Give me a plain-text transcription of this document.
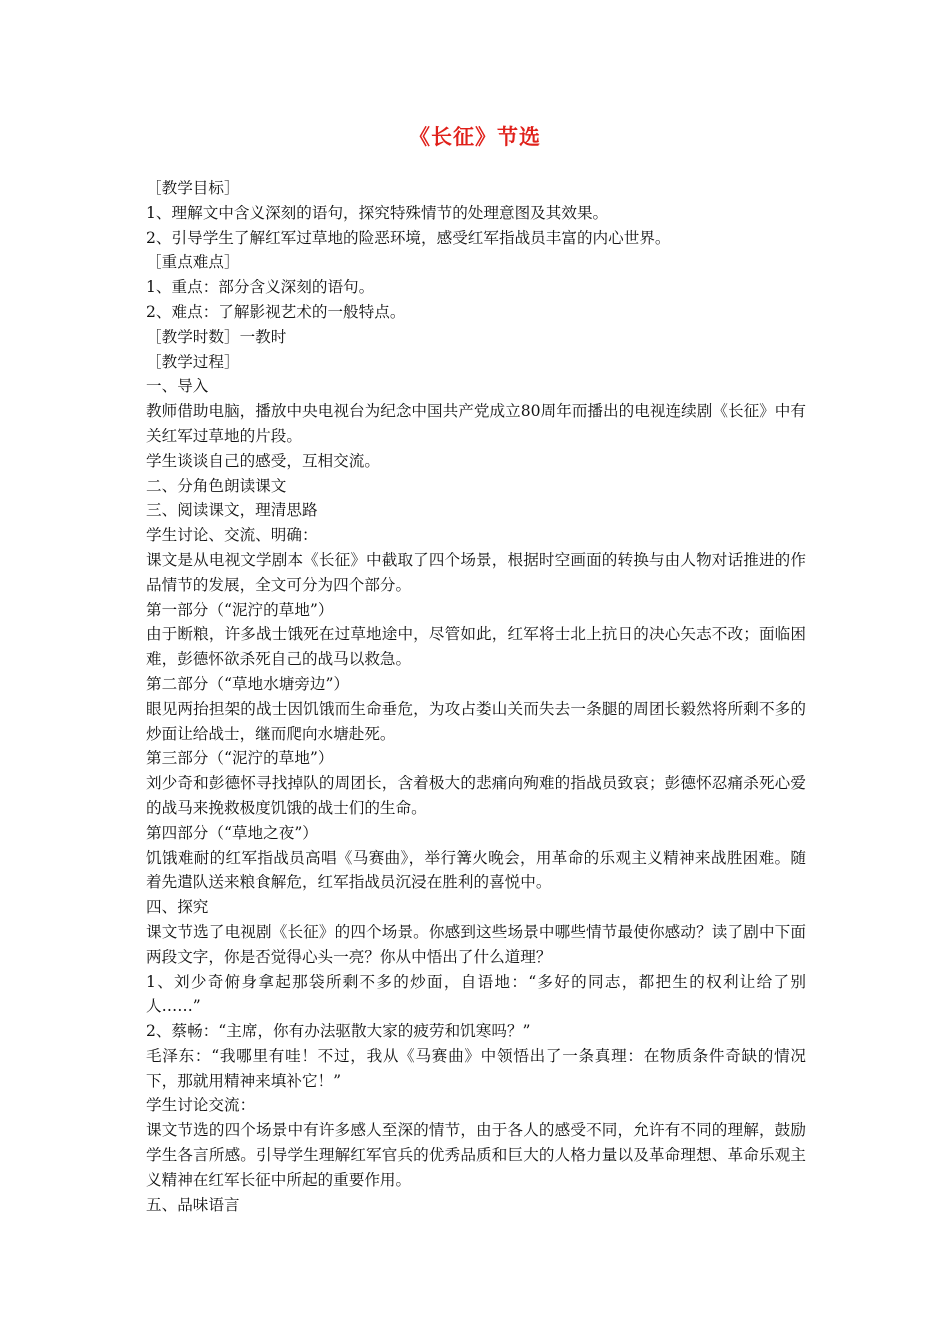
《长征》节选

［教学目标］

1、理解文中含义深刻的语句，探究特殊情节的处理意图及其效果。

2、引导学生了解红军过草地的险恶环境，感受红军指战员丰富的内心世界。

［重点难点］

1、重点：部分含义深刻的语句。

2、难点：了解影视艺术的一般特点。

［教学时数］一教时

［教学过程］

一、导入

教师借助电脑，播放中央电视台为纪念中国共产党成立80周年而播出的电视连续剧《长征》中有关红军过草地的片段。

学生谈谈自己的感受，互相交流。

二、分角色朗读课文

三、阅读课文，理清思路

学生讨论、交流、明确：

课文是从电视文学剧本《长征》中截取了四个场景，根据时空画面的转换与由人物对话推进的作品情节的发展，全文可分为四个部分。

第一部分（“泥泞的草地”）

由于断粮，许多战士饿死在过草地途中，尽管如此，红军将士北上抗日的决心矢志不改；面临困难，彭德怀欲杀死自己的战马以救急。

第二部分（“草地水塘旁边”）

眼见两抬担架的战士因饥饿而生命垂危，为攻占娄山关而失去一条腿的周团长毅然将所剩不多的炒面让给战士，继而爬向水塘赴死。

第三部分（“泥泞的草地”）

刘少奇和彭德怀寻找掉队的周团长，含着极大的悲痛向殉难的指战员致哀；彭德怀忍痛杀死心爱的战马来挽救极度饥饿的战士们的生命。

第四部分（“草地之夜”）

饥饿难耐的红军指战员高唱《马赛曲》，举行篝火晚会，用革命的乐观主义精神来战胜困难。随着先遣队送来粮食解危，红军指战员沉浸在胜利的喜悦中。

四、探究

课文节选了电视剧《长征》的四个场景。你感到这些场景中哪些情节最使你感动？读了剧中下面两段文字，你是否觉得心头一亮？你从中悟出了什么道理？

1、刘少奇俯身拿起那袋所剩不多的炒面，自语地：“多好的同志，都把生的权利让给了别人……”

2、蔡畅：“主席，你有办法驱散大家的疲劳和饥寒吗？”

毛泽东：“我哪里有哇！不过，我从《马赛曲》中领悟出了一条真理：在物质条件奇缺的情况下，那就用精神来填补它！”

学生讨论交流：

课文节选的四个场景中有许多感人至深的情节，由于各人的感受不同，允许有不同的理解，鼓励学生各言所感。引导学生理解红军官兵的优秀品质和巨大的人格力量以及革命理想、革命乐观主义精神在红军长征中所起的重要作用。

五、品味语言
